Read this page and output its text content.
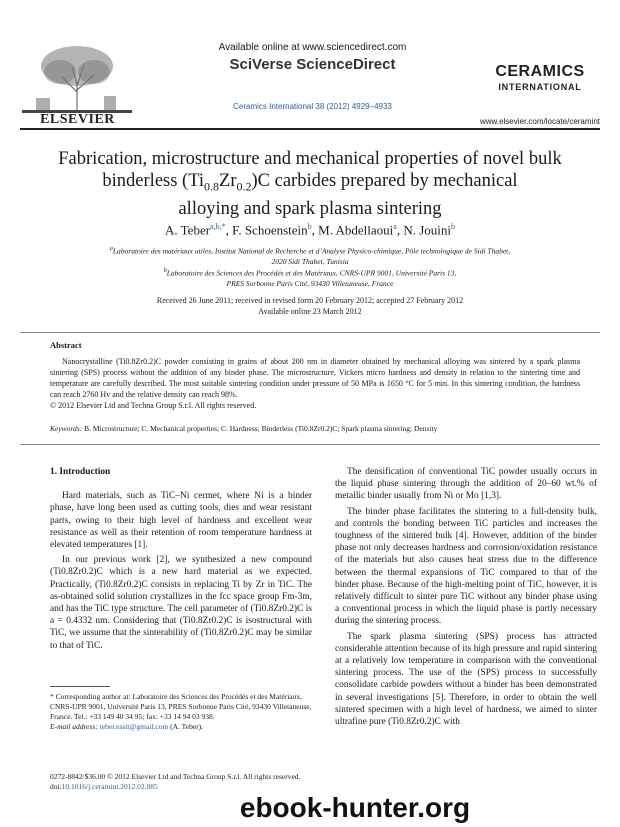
ELSEVIER
Available online at www.sciencedirect.com
SciVerse ScienceDirect
Ceramics International 38 (2012) 4929–4933
CERAMICS
INTERNATIONAL
www.elsevier.com/locate/ceramint
Fabrication, microstructure and mechanical properties of novel bulk
binderless $(Ti_{0.8}Zr_{0.2})C$ carbides prepared by mechanical
alloying and spark plasma sintering
A. Teber$^{a,b,*}$, F. Schoenstein$^b$, M. Abdellaoui$^a$, N. Jouini$^b$
$^a$Laboratoire des matériaux utiles, Institut National de Recherche et d’Analyse Physico-chimique, Pôle technologique de Sidi Thabet,
2020 Sidi Thabet, Tunisia
$^b$Laboratoire des Sciences des Procédés et des Matériaux, CNRS-UPR 9001, Université Paris 13,
PRES Sorbonne Paris Cité, 93430 Villetaneuse, France
Received 26 June 2011; received in revised form 20 February 2012; accepted 27 February 2012
Available online 23 March 2012
Abstract
Nanocrystalline (Ti0.8Zr0.2)C powder consisting in grains of about 200 nm in diameter obtained by mechanical alloying was sintered by a spark plasma sintering (SPS) process without the addition of any binder phase. The microstructure, Vickers micro hardness and density in relation to the sintering time and temperature are carefully described. The most suitable sintering condition under pressure of 50 MPa is 1650 °C for 5 min. In this sintering condition, the hardness can reach 2760 Hv and the relative density can reach 98%.
© 2012 Elsevier Ltd and Techna Group S.r.l. All rights reserved.
Keywords: B. Microstructure; C. Mechanical properties; C. Hardness; Binderless (Ti0.8Zr0.2)C; Spark plasma sintering; Density
1. Introduction

Hard materials, such as TiC–Ni cermet, where Ni is a binder phase, have long been used as cutting tools, dies and wear resistant parts, owing to their high level of hardness and excellent wear resistance as well as their retention of room temperature hardness at elevated temperatures [1].

In our previous work [2], we synthesized a new compound (Ti0.8Zr0.2)C which is a new hard material as we expected. Practically, (Ti0.8Zr0.2)C consists in replacing Ti by Zr in TiC. The as-obtained solid solution crystallizes in the fcc space group Fm-3m, and has the TiC type structure. The cell parameter of (Ti0.8Zr0.2)C is a = 0.4332 nm. Considering that (Ti0.8Zr0.2)C is isostructural with TiC, we assume that the sinterability of (Ti0.8Zr0.2)C may be similar to that of TiC.

The densification of conventional TiC powder usually occurs in the liquid phase sintering through the addition of 20–60 wt.% of metallic binder usually from Ni or Mo [1,3].

The binder phase facilitates the sintering to a full-density bulk, and controls the bonding between TiC particles and increases the toughness of the sintered bulk [4]. However, addition of the binder phase not only decreases hardness and corrosion/oxidation resistance of the materials but also causes heat stress due to the difference between the thermal expansions of TiC compared to that of the binder phase. Because of the high-melting point of TiC, however, it is relatively difficult to sinter pure TiC without any binder phase using a conventional process in which the liquid phase is partly necessary during the sintering process.

The spark plasma sintering (SPS) process has attracted considerable attention because of its high pressure and rapid sintering at a relatively low temperature in comparison with the conventional sintering process. The use of the (SPS) process to successfully consolidate carbide powders without a binder has been demonstrated in several investigations [5]. Therefore, in order to obtain the well sintered specimen with a high level of hardness, we aimed to sinter ultrafine pure (Ti0.8Zr0.2)C with

* Corresponding author at: Laboratoire des Sciences des Procédés et des Matériaux, CNRS-UPR 9001, Université Paris 13, PRES Sorbonne Paris Cité, 93430 Villetaneuse, France. Tel.: +33 149 40 34 95; fax: +33 14 94 03 938.
E-mail address: teber.esstt@gmail.com (A. Teber).
0272-8842/$36.00 © 2012 Elsevier Ltd and Techna Group S.r.l. All rights reserved.
doi:10.1016/j.ceramint.2012.02.085
ebook-hunter.org
